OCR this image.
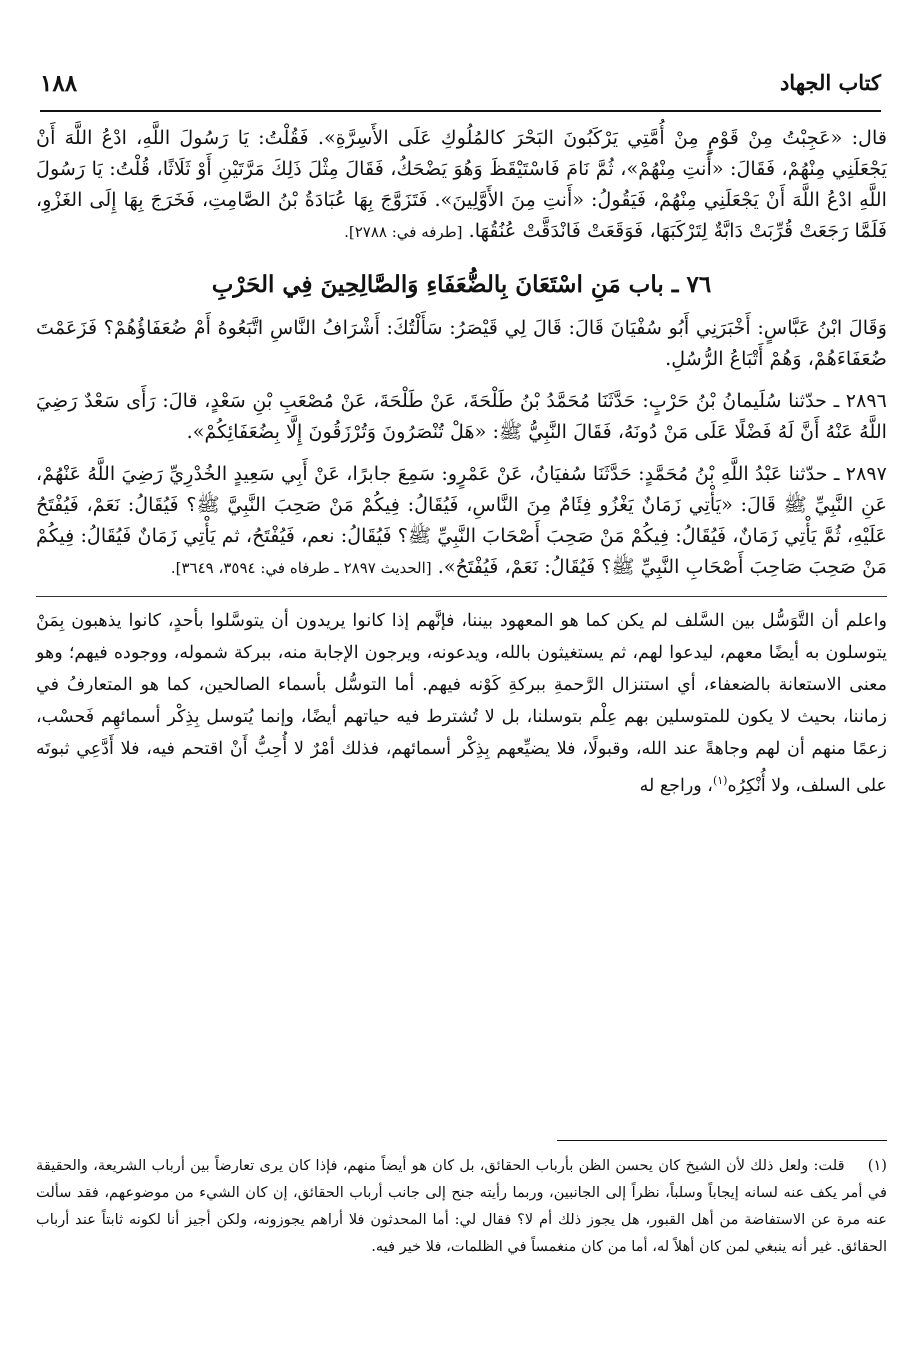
كتاب الجهاد
١٨٨

قال: «عَجِبْتُ مِنْ قَوْمٍ مِنْ أُمَّتِي يَرْكَبُونَ البَحْرَ كالمُلُوكِ عَلَى الأَسِرَّةِ». فَقُلْتُ: يَا رَسُولَ اللَّهِ، ادْعُ اللَّهَ أَنْ يَجْعَلَنِي مِنْهُمْ، فَقَالَ: «أَنتِ مِنْهُمْ»، ثُمَّ نَامَ فَاسْتَيْقَظَ وَهُوَ يَضْحَكُ، فَقَالَ مِثْلَ ذَلِكَ مَرَّتَيْنِ أَوْ ثَلَاثًا، قُلْتُ: يَا رَسُولَ اللَّهِ ادْعُ اللَّهَ أَنْ يَجْعَلَنِي مِنْهُمْ، فَيَقُولُ: «أَنتِ مِنَ الأَوَّلِينَ». فَتَزَوَّجَ بِهَا عُبَادَةُ بْنُ الصَّامِتِ، فَخَرَجَ بِهَا إِلَى الغَزْوِ، فَلَمَّا رَجَعَتْ قُرِّبَتْ دَابَّةٌ لِتَرْكَبَهَا، فَوَقَعَتْ فَانْدَقَّتْ عُنُقُهَا. [طرفه في: ٢٧٨٨].

٧٦ ـ باب مَنِ اسْتَعَانَ بِالضُّعَفَاءِ وَالصَّالِحِينَ فِي الحَرْبِ

وَقَالَ ابْنُ عَبَّاسٍ: أَخْبَرَنِي أَبُو سُفْيَانَ قَالَ: قَالَ لِي قَيْصَرُ: سَأَلْتُكَ: أَشْرَافُ النَّاسِ اتَّبَعُوهُ أَمْ ضُعَفَاؤُهُمْ؟ فَزَعَمْتَ ضُعَفَاءَهُمْ، وَهُمْ أَتْبَاعُ الرُّسُلِ.

٢٨٩٦ ـ حدّثنا سُلَيمانُ بْنُ حَرْبٍ: حَدَّثَنَا مُحَمَّدُ بْنُ طَلْحَةَ، عَنْ طَلْحَةَ، عَنْ مُصْعَبِ بْنِ سَعْدٍ، قالَ: رَأَى سَعْدٌ رَضِيَ اللَّهُ عَنْهُ أَنَّ لَهُ فَضْلًا عَلَى مَنْ دُونَهُ، فَقَالَ النَّبِيُّ ﷺ: «هَلْ تُنْصَرُونَ وَتُرْزَقُونَ إِلَّا بِضُعَفَائِكُمْ».

٢٨٩٧ ـ حدّثنا عَبْدُ اللَّهِ بْنُ مُحَمَّدٍ: حَدَّثَنَا سُفيَانُ، عَنْ عَمْرٍو: سَمِعَ جابرًا، عَنْ أَبِي سَعِيدٍ الخُدْرِيِّ رَضِيَ اللَّهُ عَنْهُمْ، عَنِ النَّبِيِّ ﷺ قَالَ: «يَأْتِي زَمَانٌ يَغْزُو فِئَامٌ مِنَ النَّاسِ، فَيُقَالُ: فِيكُمْ مَنْ صَحِبَ النَّبِيَّ ﷺ؟ فَيُقَالُ: نَعَمْ، فَيُفْتَحُ عَلَيْهِ، ثُمَّ يَأْتِي زَمَانٌ، فَيُقَالُ: فِيكُمْ مَنْ صَحِبَ أَصْحَابَ النَّبِيِّ ﷺ؟ فَيُقَالُ: نعم، فَيُفْتَحُ، ثم يَأْتِي زَمَانٌ فَيُقَالُ: فِيكُمْ مَنْ صَحِبَ صَاحِبَ أَصْحَابِ النَّبِيِّ ﷺ؟ فَيُقَالُ: نَعَمْ، فَيُفْتَحُ». [الحديث ٢٨٩٧ ـ طرفاه في: ٣٥٩٤، ٣٦٤٩].

واعلم أن التَّوَسُّل بين السَّلف لم يكن كما هو المعهود بيننا، فإنَّهم إذا كانوا يريدون أن يتوسَّلوا بأحدٍ، كانوا يذهبون بِمَنْ يتوسلون به أيضًا معهم، ليدعوا لهم، ثم يستغيثون بالله، ويدعونه، ويرجون الإجابة منه، ببركة شموله، ووجوده فيهم؛ وهو معنى الاستعانة بالضعفاء، أي استنزال الرَّحمةِ ببركةِ كَوْنه فيهم. أما التوسُّل بأسماء الصالحين، كما هو المتعارفُ في زماننا، بحيث لا يكون للمتوسلين بهم عِلْم بتوسلنا، بل لا تُشترط فيه حياتهم أيضًا، وإنما يُتوسل بِذِكْر أسمائهِم فَحسْب، زعمًا منهم أن لهم وجاهةً عند الله، وقبولًا، فلا يضيِّعهم بِذِكْر أسمائهم، فذلك أمْرٌ لا أُحِبُّ أَنْ اقتحم فيه، فلا أَدَّعِي ثبوتَه على السلف، ولا أُنْكِرُه$^{(١)}$، وراجع له

(١) قلت: ولعل ذلك لأن الشيخ كان يحسن الظن بأرباب الحقائق، بل كان هو أيضاً منهم، فإذا كان يرى تعارضاً بين أرباب الشريعة، والحقيقة في أمر يكف عنه لسانه إيجاباً وسلباً، نظراً إلى الجانبين، وربما رأيته جنح إلى جانب أرباب الحقائق، إن كان الشيء من موضوعهم، فقد سألت عنه مرة عن الاستفاضة من أهل القبور، هل يجوز ذلك أم لا؟ فقال لي: أما المحدثون فلا أراهم يجوزونه، ولكن أجيز أنا لكونه ثابتاً عند أرباب الحقائق. غير أنه ينبغي لمن كان أهلاً له، أما من كان منغمساً في الظلمات، فلا خير فيه.
